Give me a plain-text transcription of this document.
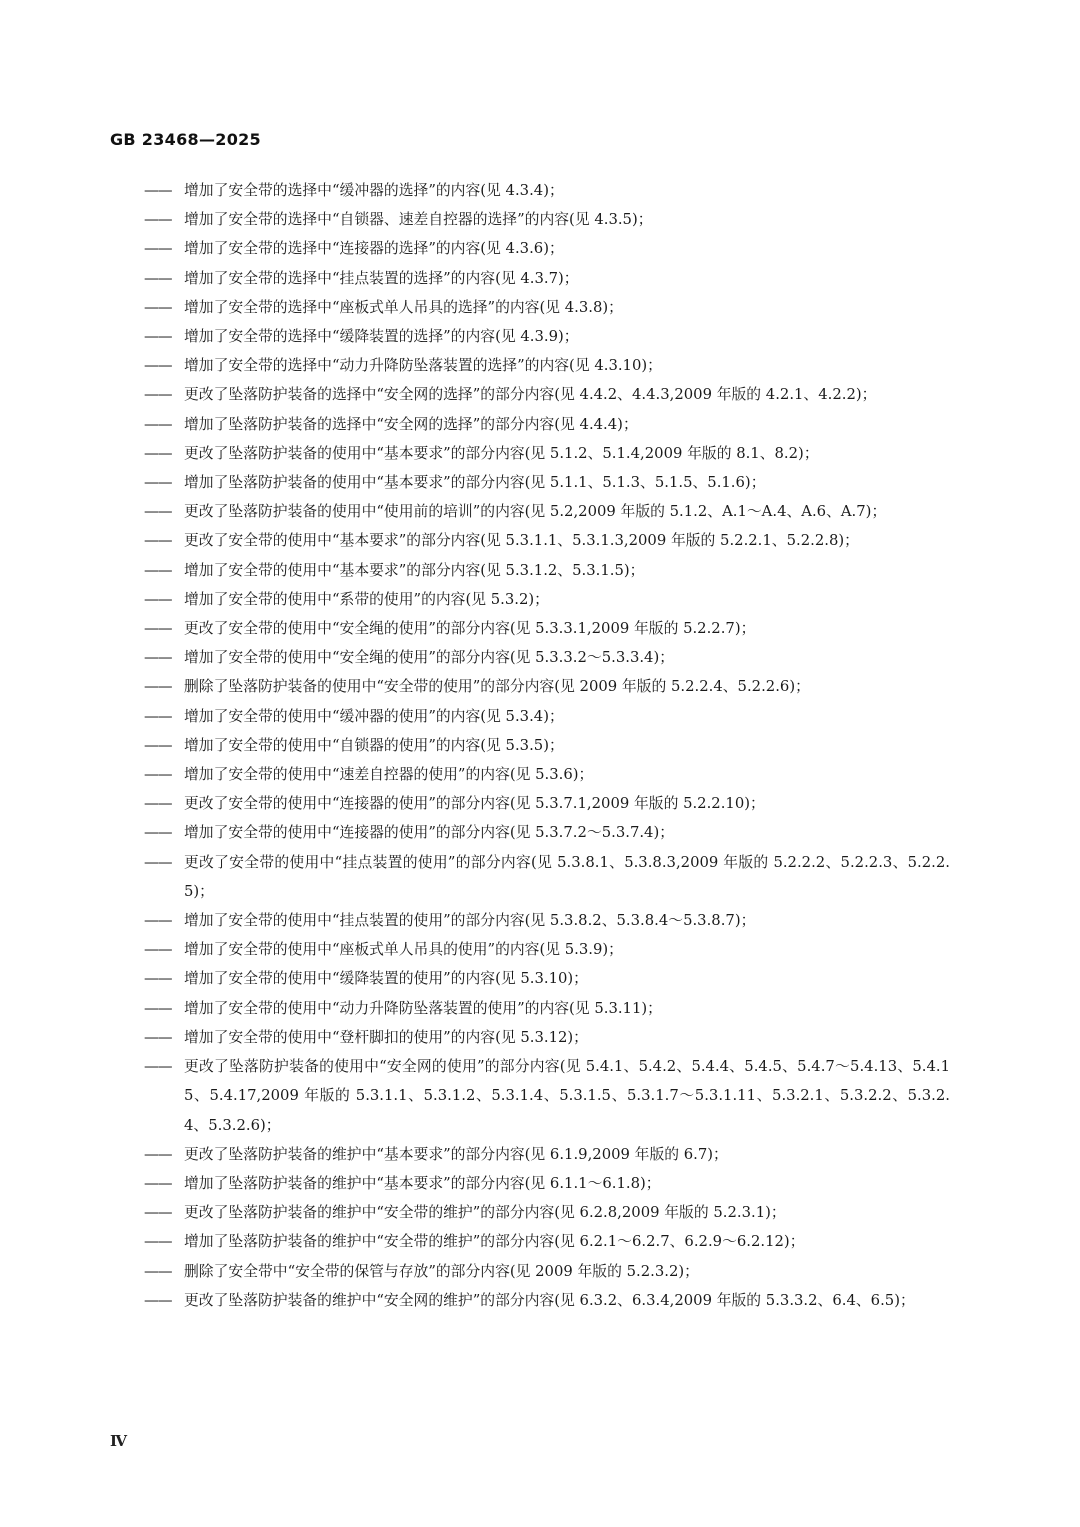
GB 23468—2025
—— 增加了安全带的选择中“缓冲器的选择”的内容(见 4.3.4)；
—— 增加了安全带的选择中“自锁器、速差自控器的选择”的内容(见 4.3.5)；
—— 增加了安全带的选择中“连接器的选择”的内容(见 4.3.6)；
—— 增加了安全带的选择中“挂点装置的选择”的内容(见 4.3.7)；
—— 增加了安全带的选择中“座板式单人吊具的选择”的内容(见 4.3.8)；
—— 增加了安全带的选择中“缓降装置的选择”的内容(见 4.3.9)；
—— 增加了安全带的选择中“动力升降防坠落装置的选择”的内容(见 4.3.10)；
—— 更改了坠落防护装备的选择中“安全网的选择”的部分内容(见 4.4.2、4.4.3,2009 年版的 4.2.1、4.2.2)；
—— 增加了坠落防护装备的选择中“安全网的选择”的部分内容(见 4.4.4)；
—— 更改了坠落防护装备的使用中“基本要求”的部分内容(见 5.1.2、5.1.4,2009 年版的 8.1、8.2)；
—— 增加了坠落防护装备的使用中“基本要求”的部分内容(见 5.1.1、5.1.3、5.1.5、5.1.6)；
—— 更改了坠落防护装备的使用中“使用前的培训”的内容(见 5.2,2009 年版的 5.1.2、A.1～A.4、A.6、A.7)；
—— 更改了安全带的使用中“基本要求”的部分内容(见 5.3.1.1、5.3.1.3,2009 年版的 5.2.2.1、5.2.2.8)；
—— 增加了安全带的使用中“基本要求”的部分内容(见 5.3.1.2、5.3.1.5)；
—— 增加了安全带的使用中“系带的使用”的内容(见 5.3.2)；
—— 更改了安全带的使用中“安全绳的使用”的部分内容(见 5.3.3.1,2009 年版的 5.2.2.7)；
—— 增加了安全带的使用中“安全绳的使用”的部分内容(见 5.3.3.2～5.3.3.4)；
—— 删除了坠落防护装备的使用中“安全带的使用”的部分内容(见 2009 年版的 5.2.2.4、5.2.2.6)；
—— 增加了安全带的使用中“缓冲器的使用”的内容(见 5.3.4)；
—— 增加了安全带的使用中“自锁器的使用”的内容(见 5.3.5)；
—— 增加了安全带的使用中“速差自控器的使用”的内容(见 5.3.6)；
—— 更改了安全带的使用中“连接器的使用”的部分内容(见 5.3.7.1,2009 年版的 5.2.2.10)；
—— 增加了安全带的使用中“连接器的使用”的部分内容(见 5.3.7.2～5.3.7.4)；
—— 更改了安全带的使用中“挂点装置的使用”的部分内容(见 5.3.8.1、5.3.8.3,2009 年版的 5.2.2.2、5.2.2.3、5.2.2.5)；
—— 增加了安全带的使用中“挂点装置的使用”的部分内容(见 5.3.8.2、5.3.8.4～5.3.8.7)；
—— 增加了安全带的使用中“座板式单人吊具的使用”的内容(见 5.3.9)；
—— 增加了安全带的使用中“缓降装置的使用”的内容(见 5.3.10)；
—— 增加了安全带的使用中“动力升降防坠落装置的使用”的内容(见 5.3.11)；
—— 增加了安全带的使用中“登杆脚扣的使用”的内容(见 5.3.12)；
—— 更改了坠落防护装备的使用中“安全网的使用”的部分内容(见 5.4.1、5.4.2、5.4.4、5.4.5、5.4.7～5.4.13、5.4.15、5.4.17,2009 年版的 5.3.1.1、5.3.1.2、5.3.1.4、5.3.1.5、5.3.1.7～5.3.1.11、5.3.2.1、5.3.2.2、5.3.2.4、5.3.2.6)；
—— 更改了坠落防护装备的维护中“基本要求”的部分内容(见 6.1.9,2009 年版的 6.7)；
—— 增加了坠落防护装备的维护中“基本要求”的部分内容(见 6.1.1～6.1.8)；
—— 更改了坠落防护装备的维护中“安全带的维护”的部分内容(见 6.2.8,2009 年版的 5.2.3.1)；
—— 增加了坠落防护装备的维护中“安全带的维护”的部分内容(见 6.2.1～6.2.7、6.2.9～6.2.12)；
—— 删除了安全带中“安全带的保管与存放”的部分内容(见 2009 年版的 5.2.3.2)；
—— 更改了坠落防护装备的维护中“安全网的维护”的部分内容(见 6.3.2、6.3.4,2009 年版的 5.3.3.2、6.4、6.5)；
Ⅳ
